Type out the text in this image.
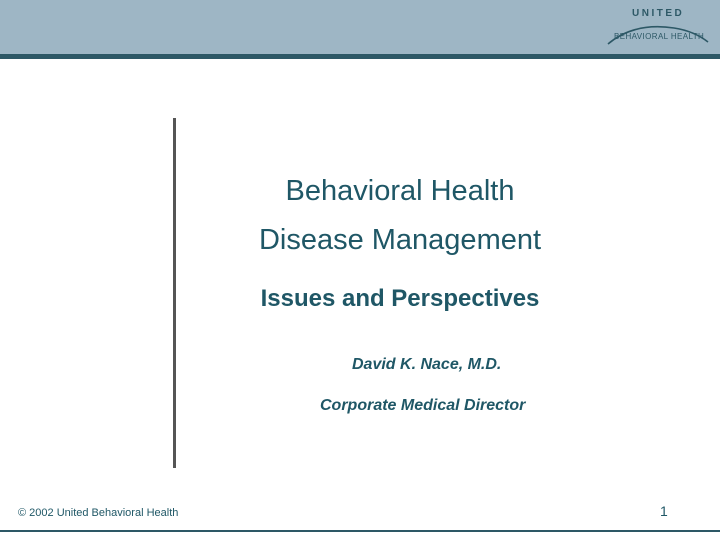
UNITED
BEHAVIORAL HEALTH
Behavioral Health
Disease Management
Issues and Perspectives
David K. Nace, M.D.
Corporate Medical Director
© 2002 United Behavioral Health	1
